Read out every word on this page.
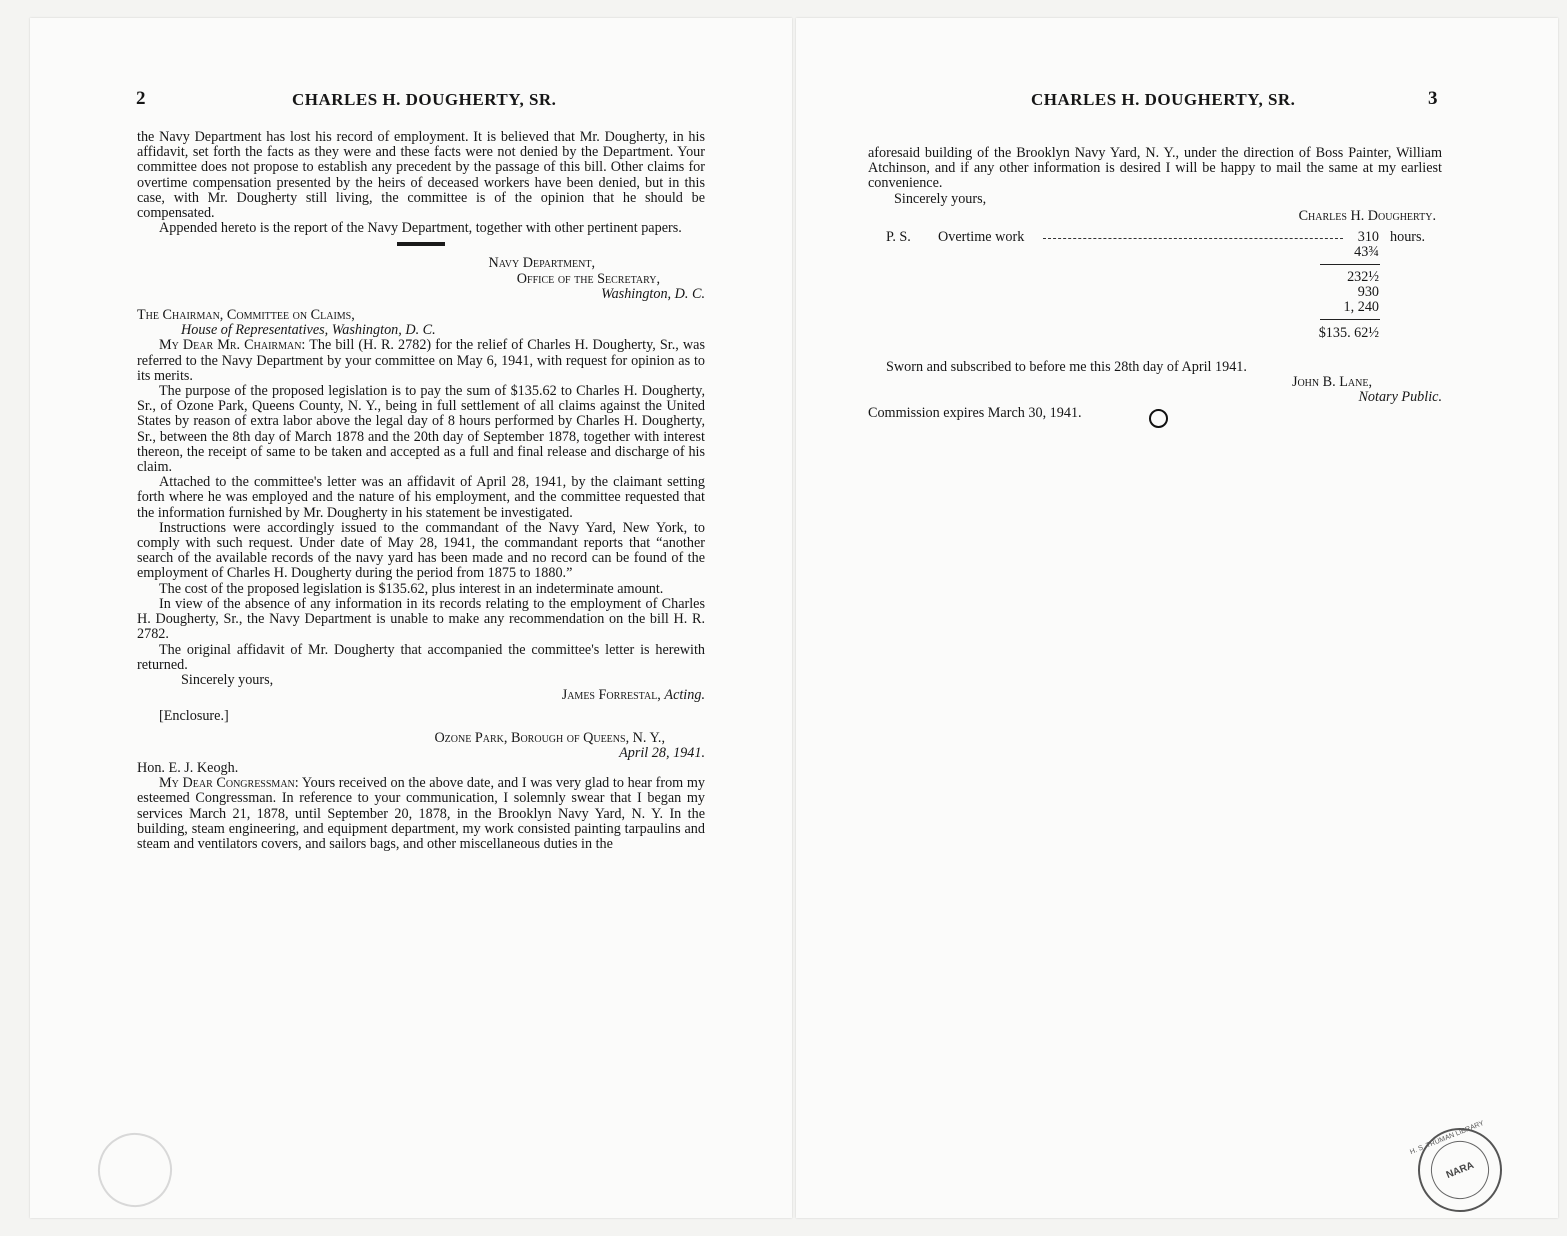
2	CHARLES H. DOUGHERTY, SR.

the Navy Department has lost his record of employment. It is believed that Mr. Dougherty, in his affidavit, set forth the facts as they were and these facts were not denied by the Department. Your committee does not propose to establish any precedent by the passage of this bill. Other claims for overtime compensation presented by the heirs of deceased workers have been denied, but in this case, with Mr. Dougherty still living, the committee is of the opinion that he should be compensated.

Appended hereto is the report of the Navy Department, together with other pertinent papers.

Navy Department,

Office of the Secretary,

Washington, D. C.

The Chairman, Committee on Claims,

House of Representatives, Washington, D. C.

My Dear Mr. Chairman: The bill (H. R. 2782) for the relief of Charles H. Dougherty, Sr., was referred to the Navy Department by your committee on May 6, 1941, with request for opinion as to its merits.

The purpose of the proposed legislation is to pay the sum of $135.62 to Charles H. Dougherty, Sr., of Ozone Park, Queens County, N. Y., being in full settlement of all claims against the United States by reason of extra labor above the legal day of 8 hours performed by Charles H. Dougherty, Sr., between the 8th day of March 1878 and the 20th day of September 1878, together with interest thereon, the receipt of same to be taken and accepted as a full and final release and discharge of his claim.

Attached to the committee's letter was an affidavit of April 28, 1941, by the claimant setting forth where he was employed and the nature of his employment, and the committee requested that the information furnished by Mr. Dougherty in his statement be investigated.

Instructions were accordingly issued to the commandant of the Navy Yard, New York, to comply with such request. Under date of May 28, 1941, the commandant reports that “another search of the available records of the navy yard has been made and no record can be found of the employment of Charles H. Dougherty during the period from 1875 to 1880.”

The cost of the proposed legislation is $135.62, plus interest in an indeterminate amount.

In view of the absence of any information in its records relating to the employment of Charles H. Dougherty, Sr., the Navy Department is unable to make any recommendation on the bill H. R. 2782.

The original affidavit of Mr. Dougherty that accompanied the committee's letter is herewith returned.

Sincerely yours,

James Forrestal, Acting.

[Enclosure.]

Ozone Park, Borough of Queens, N. Y.,

April 28, 1941.

Hon. E. J. Keogh.

My Dear Congressman: Yours received on the above date, and I was very glad to hear from my esteemed Congressman. In reference to your communication, I solemnly swear that I began my services March 21, 1878, until September 20, 1878, in the Brooklyn Navy Yard, N. Y. In the building, steam engineering, and equipment department, my work consisted painting tarpaulins and steam and ventilators covers, and sailors bags, and other miscellaneous duties in the

CHARLES H. DOUGHERTY, SR.	3

aforesaid building of the Brooklyn Navy Yard, N. Y., under the direction of Boss Painter, William Atchinson, and if any other information is desired I will be happy to mail the same at my earliest convenience.

Sincerely yours,

Charles H. Dougherty.

P. S. Overtime work	310 hours.
43¾
232½
930
1, 240
$135. 62½

Sworn and subscribed to before me this 28th day of April 1941.

John B. Lane,

Notary Public.

Commission expires March 30, 1941.

H. S. TRUMAN LIBRARY
NARA
